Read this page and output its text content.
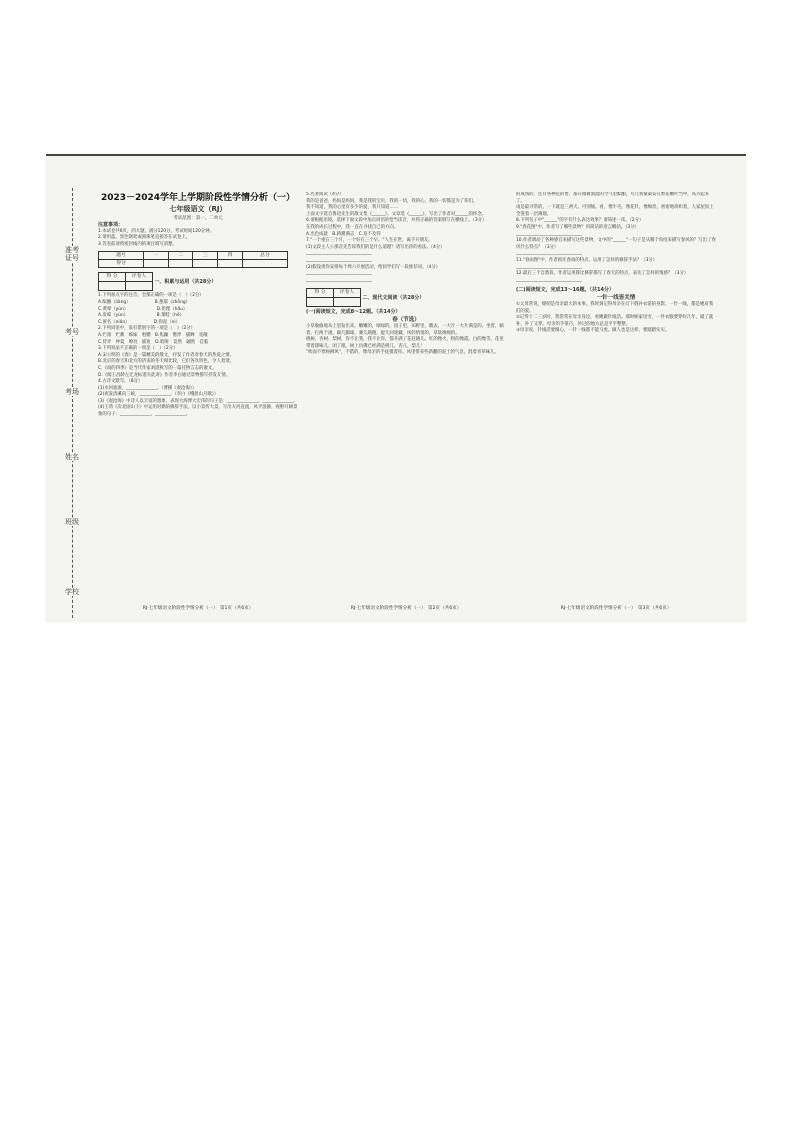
准考证号
考号
考场
姓名
班级
学校
2023－2024学年上学期阶段性学情分析（一）
七年级语文（RJ）
考试范围：第一、二单元
注意事项：

1.本试卷共6页，四大题，满分120分，考试时间120分钟。

2.请用蓝、黑色钢笔或圆珠笔直接答在试卷上。

3.答卷前请将密封线内的项目填写清楚。

题号	一	二	三	四	总分
得分					
得 分	评卷人

一、积累与运用（共28分）

1.下列加点字的注音，全都正确的一项是（　）（2分）

A.酝酿（liàng）　　　　　　B.葱郁（zhōng）

C.黄晕（yùn）　　　　　　　D.伦理（hǒu）

A.发霉（yùn）　　　　　　　B.菜畦（hé）

C.匿名（niǎn）　　　　　　D.拘泥（nì）

2.下列词语中，没有错别字的一项是（　）（2分）

A.烂漫　贮蓄　姊妹　咀嚼　B.焦躁　憔悴　捕蝉　宽敞

C.侍弄　仲夏　嘹亮　捕鱼　D.喑哑　竟然　翩然　莅临

3.下列说法不正确的一项是（　）（2分）

A.宋公明的《春》是一篇精美的散文，抒发了作者对春天的热爱之情。

B.北京的春天和北方的济南的冬天相比较，它们各具特色，令人着迷。

C.《雨的四季》是当代作家刘湛秋写的一篇托物言志的散文。

D.《闻王昌龄左迁龙标遥有此寄》作者李白通过景物描写抒发友情。

4.古诗文默写。（8分）

(1)水何澹澹，______________。（曹操《观沧海》）

(2)夜发清溪向三峡，______________。（李白《峨眉山月歌》）

(3)《观沧海》中诗人以丰富的想象，表现大海博大宏伟的句子是：______________，______________。

(4)王湾《次北固山下》中运用对偶的修辞手法，以小景传大景，写出大河直流，风平浪静，视野开阔景象的句子：______________，______________。

RJ·七年级语文阶段性学情分析（一）　第1页（共6页）

5.名著阅读（4分）

我的是爸爸，妈妈是妈妈，我是我的宝贝，我的一切，我的心，我的一切都是为了你们。

我不知道，我的心里有多少的爱，我只知道……

上面文字选自鲁迅先生的散文集《______》，文章选《______》，写出了作者对______的怀念。

6.请根据语境，选择下面文段中加点词语的恰当读音，并将正确的答案填写在横线上。（3分）

在我的成长过程中，我一直在寻找自己的方向。

A.出色成就　B.踌躇满志　C.迫不及待

7."一个重在三个月，一个好在三个早。"人生在世，离不开朋友。

(1)文段主人公那首先告诉我们的是什么道理？请写出你的看法。（4分）

______________________________

______________________________

(2)假设请你安排每个周六开展活动，给同学们写一段推荐词。（4分）

______________________________

______________________________

得 分	评卷人

二、现代文阅读（共28分）
(一)阅读短文，完成8～12题。（共14分）
春（节选）

小草偷偷地从土里钻出来，嫩嫩的，绿绿的。园子里，田野里，瞧去，一大片一大片满是的。坐着，躺着，打两个滚，踢几脚球，赛几趟跑，捉几回迷藏。风轻悄悄的，草软绵绵的。

桃树、杏树、梨树，你不让我，我不让你，都开满了花赶趟儿。红的像火，粉的像霞，白的像雪。花里带着甜味儿；闭了眼，树上仿佛已经满是桃儿、杏儿、梨儿！

"吹面不寒杨柳风"，不错的，像母亲的手抚摸着你。风里带来些新翻的泥土的气息，混着青草味儿。

RJ·七年级语文阶段性学情分析（一）　第2页（共6页）

的成熟的，还有各种花的香，都在微微润湿的空气里酝酿。鸟儿将窠巢安在繁花嫩叶当中，高兴起来了。

雨是最寻常的，一下就是三两天。可别恼。看，像牛毛，像花针，像细丝，密密地斜织着，人家屋顶上全笼着一层薄烟。

8.下列句子中"______"的字有什么表达效果？请简述一读。（2分）

9."春花图"中，作者写了哪些景物？用简洁的语言概括。（3分）

______________________________

10.作者调动了各种感官来描写这些景物，文中的"______"一句子是从哪个角度来描写春风的？写出了春风什么特点？（3分）

______________________________

11."春雨图"中，作者抓住春雨的特点，运用了怎样的修辞手法？（3分）

______________________________

12.最后三个自然段，作者运用排比修辞描写了春天的特点，表达了怎样的情感？（3分）

______________________________

(二)阅读短文，完成13～16题。（共14分）
一针一线皆关情

①父母常说，缝纫是母亲最大的本事。我时刻记得母亲在灯下缝补衣裳的身影，一针一线，都是她对我们的爱。

②记得十二三岁时，我常常在母亲身边，看她做针线活。那时候家里穷，一件衣服要穿好几年，破了就补，补了又穿。母亲的手很巧，补过的地方总是平平整整。

③母亲说，针线活要细心，一针一线都不能马虎。做人也是这样，要踏踏实实。

RJ·七年级语文阶段性学情分析（一）　第3页（共6页）
